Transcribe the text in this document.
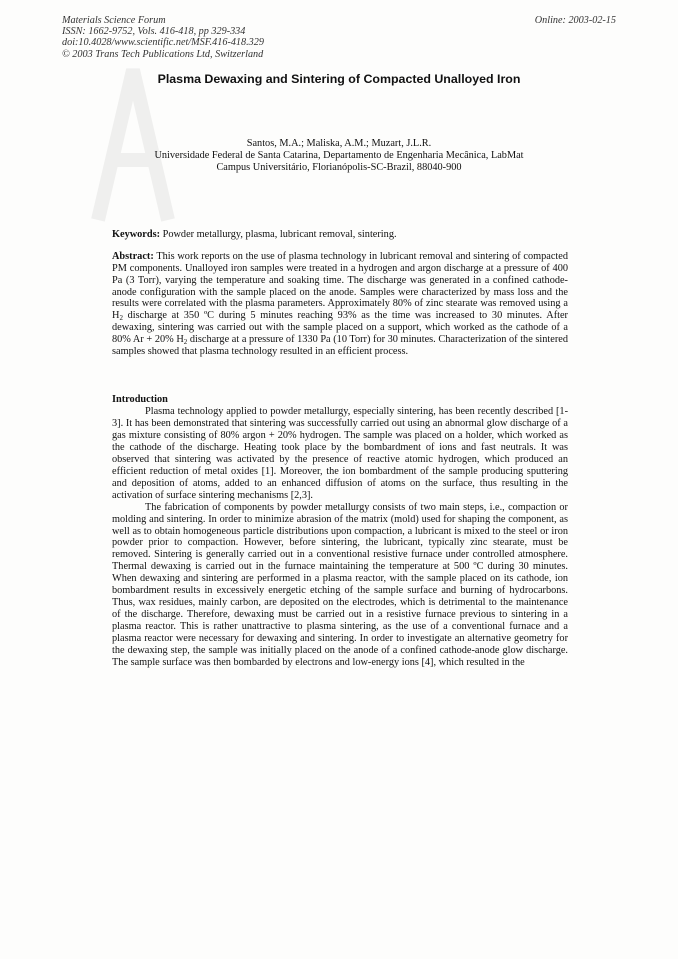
Materials Science Forum
ISSN: 1662-9752, Vols. 416-418, pp 329-334
doi:10.4028/www.scientific.net/MSF.416-418.329
© 2003 Trans Tech Publications Ltd, Switzerland
Online: 2003-02-15
Plasma Dewaxing and Sintering of Compacted Unalloyed Iron
Santos, M.A.; Maliska, A.M.; Muzart, J.L.R.
Universidade Federal de Santa Catarina, Departamento de Engenharia Mecânica, LabMat
Campus Universitário, Florianópolis-SC-Brazil, 88040-900
Keywords: Powder metallurgy, plasma, lubricant removal, sintering.

Abstract: This work reports on the use of plasma technology in lubricant removal and sintering of compacted PM components. Unalloyed iron samples were treated in a hydrogen and argon discharge at a pressure of 400 Pa (3 Torr), varying the temperature and soaking time. The discharge was generated in a confined cathode-anode configuration with the sample placed on the anode. Samples were characterized by mass loss and the results were correlated with the plasma parameters. Approximately 80% of zinc stearate was removed using a $H_2$ discharge at 350 ºC during 5 minutes reaching 93% as the time was increased to 30 minutes. After dewaxing, sintering was carried out with the sample placed on a support, which worked as the cathode of a 80% Ar + 20% $H_2$ discharge at a pressure of 1330 Pa (10 Torr) for 30 minutes. Characterization of the sintered samples showed that plasma technology resulted in an efficient process.

Introduction

Plasma technology applied to powder metallurgy, especially sintering, has been recently described [1-3]. It has been demonstrated that sintering was successfully carried out using an abnormal glow discharge of a gas mixture consisting of 80% argon + 20% hydrogen. The sample was placed on a holder, which worked as the cathode of the discharge. Heating took place by the bombardment of ions and fast neutrals. It was observed that sintering was activated by the presence of reactive atomic hydrogen, which produced an efficient reduction of metal oxides [1]. Moreover, the ion bombardment of the sample producing sputtering and deposition of atoms, added to an enhanced diffusion of atoms on the surface, thus resulting in the activation of surface sintering mechanisms [2,3].

The fabrication of components by powder metallurgy consists of two main steps, i.e., compaction or molding and sintering. In order to minimize abrasion of the matrix (mold) used for shaping the component, as well as to obtain homogeneous particle distributions upon compaction, a lubricant is mixed to the steel or iron powder prior to compaction. However, before sintering, the lubricant, typically zinc stearate, must be removed. Sintering is generally carried out in a conventional resistive furnace under controlled atmosphere. Thermal dewaxing is carried out in the furnace maintaining the temperature at 500 ºC during 30 minutes. When dewaxing and sintering are performed in a plasma reactor, with the sample placed on its cathode, ion bombardment results in excessively energetic etching of the sample surface and burning of hydrocarbons. Thus, wax residues, mainly carbon, are deposited on the electrodes, which is detrimental to the maintenance of the discharge. Therefore, dewaxing must be carried out in a resistive furnace previous to sintering in a plasma reactor. This is rather unattractive to plasma sintering, as the use of a conventional furnace and a plasma reactor were necessary for dewaxing and sintering. In order to investigate an alternative geometry for the dewaxing step, the sample was initially placed on the anode of a confined cathode-anode glow discharge. The sample surface was then bombarded by electrons and low-energy ions [4], which resulted in the
